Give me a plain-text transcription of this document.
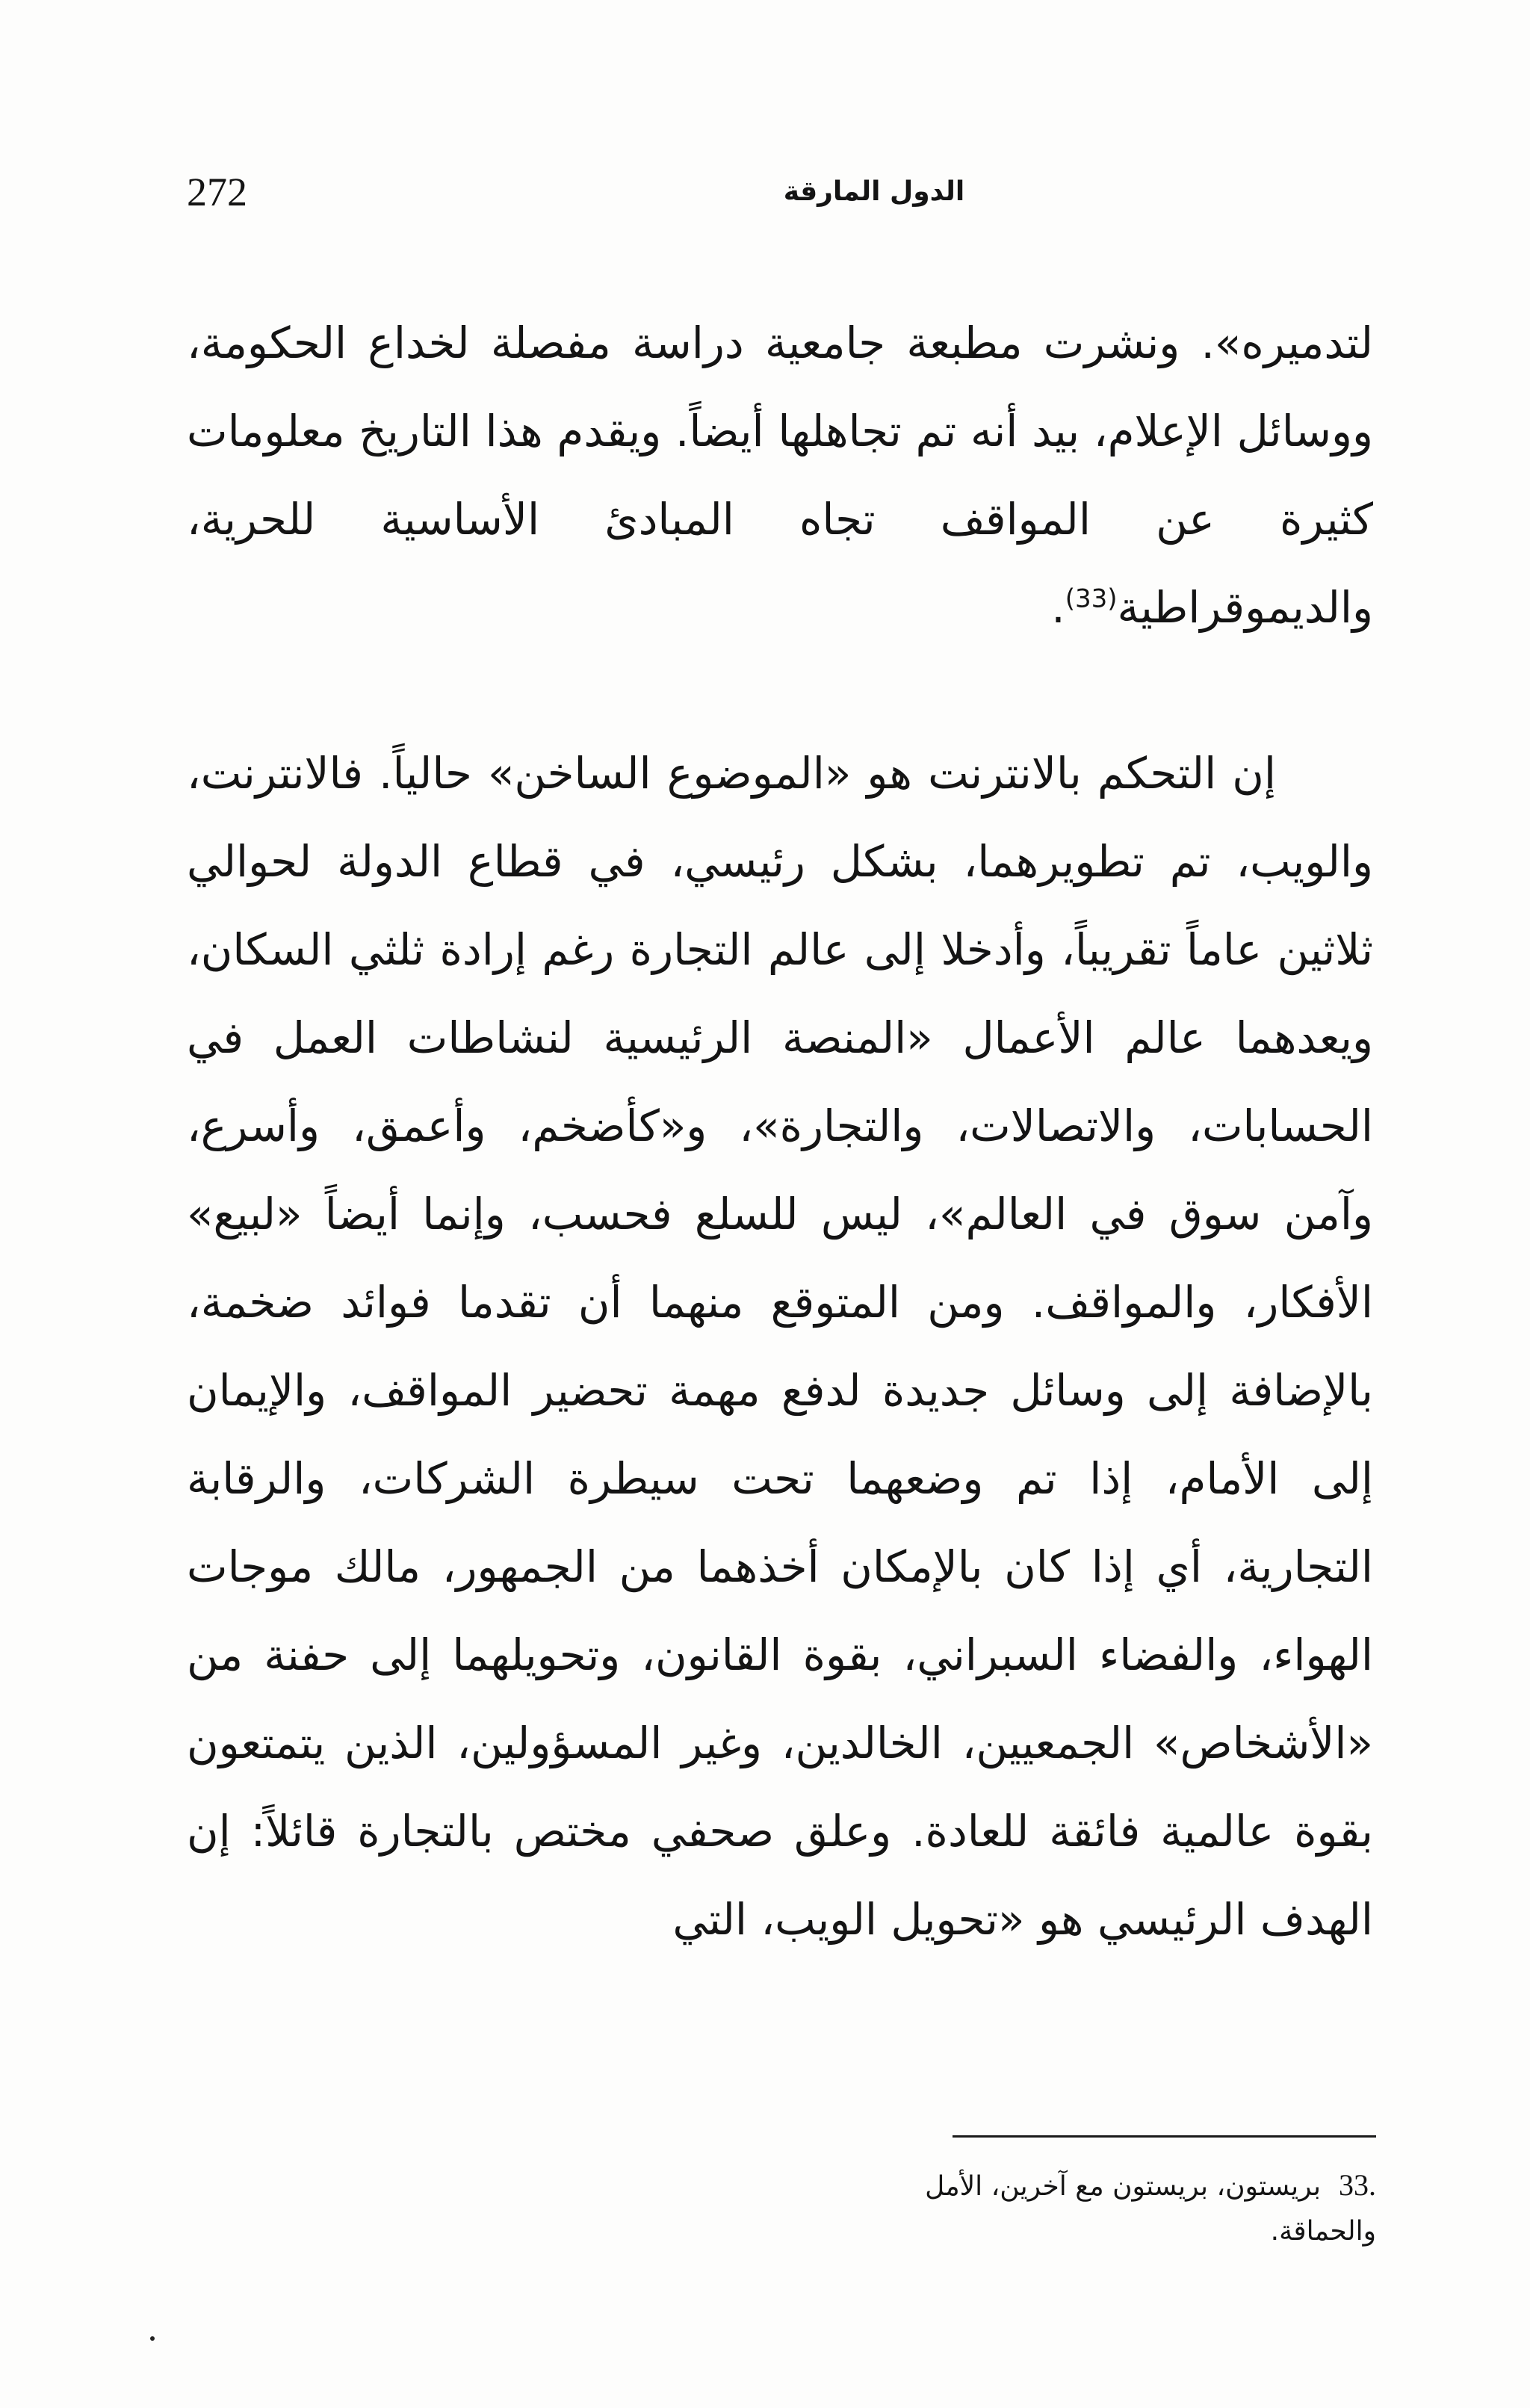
272	الدول المارقة
لتدميره». ونشرت مطبعة جامعية دراسة مفصلة لخداع الحكومة، ووسائل الإعلام، بيد أنه تم تجاهلها أيضاً. ويقدم هذا التاريخ معلومات كثيرة عن المواقف تجاه المبادئ الأساسية للحرية، والديموقراطية$^{(33)}$.
إن التحكم بالانترنت هو «الموضوع الساخن» حالياً. فالانترنت، والويب، تم تطويرهما، بشكل رئيسي، في قطاع الدولة لحوالي ثلاثين عاماً تقريباً، وأدخلا إلى عالم التجارة رغم إرادة ثلثي السكان، ويعدهما عالم الأعمال «المنصة الرئيسية لنشاطات العمل في الحسابات، والاتصالات، والتجارة»، و«كأضخم، وأعمق، وأسرع، وآمن سوق في العالم»، ليس للسلع فحسب، وإنما أيضاً «لبيع» الأفكار، والمواقف. ومن المتوقع منهما أن تقدما فوائد ضخمة، بالإضافة إلى وسائل جديدة لدفع مهمة تحضير المواقف، والإيمان إلى الأمام، إذا تم وضعهما تحت سيطرة الشركات، والرقابة التجارية، أي إذا كان بالإمكان أخذهما من الجمهور، مالك موجات الهواء، والفضاء السبراني، بقوة القانون، وتحويلهما إلى حفنة من «الأشخاص» الجمعيين، الخالدين، وغير المسؤولين، الذين يتمتعون بقوة عالمية فائقة للعادة. وعلق صحفي مختص بالتجارة قائلاً: إن الهدف الرئيسي هو «تحويل الويب، التي
33.بريستون، بريستون مع آخرين، الأمل والحماقة.
